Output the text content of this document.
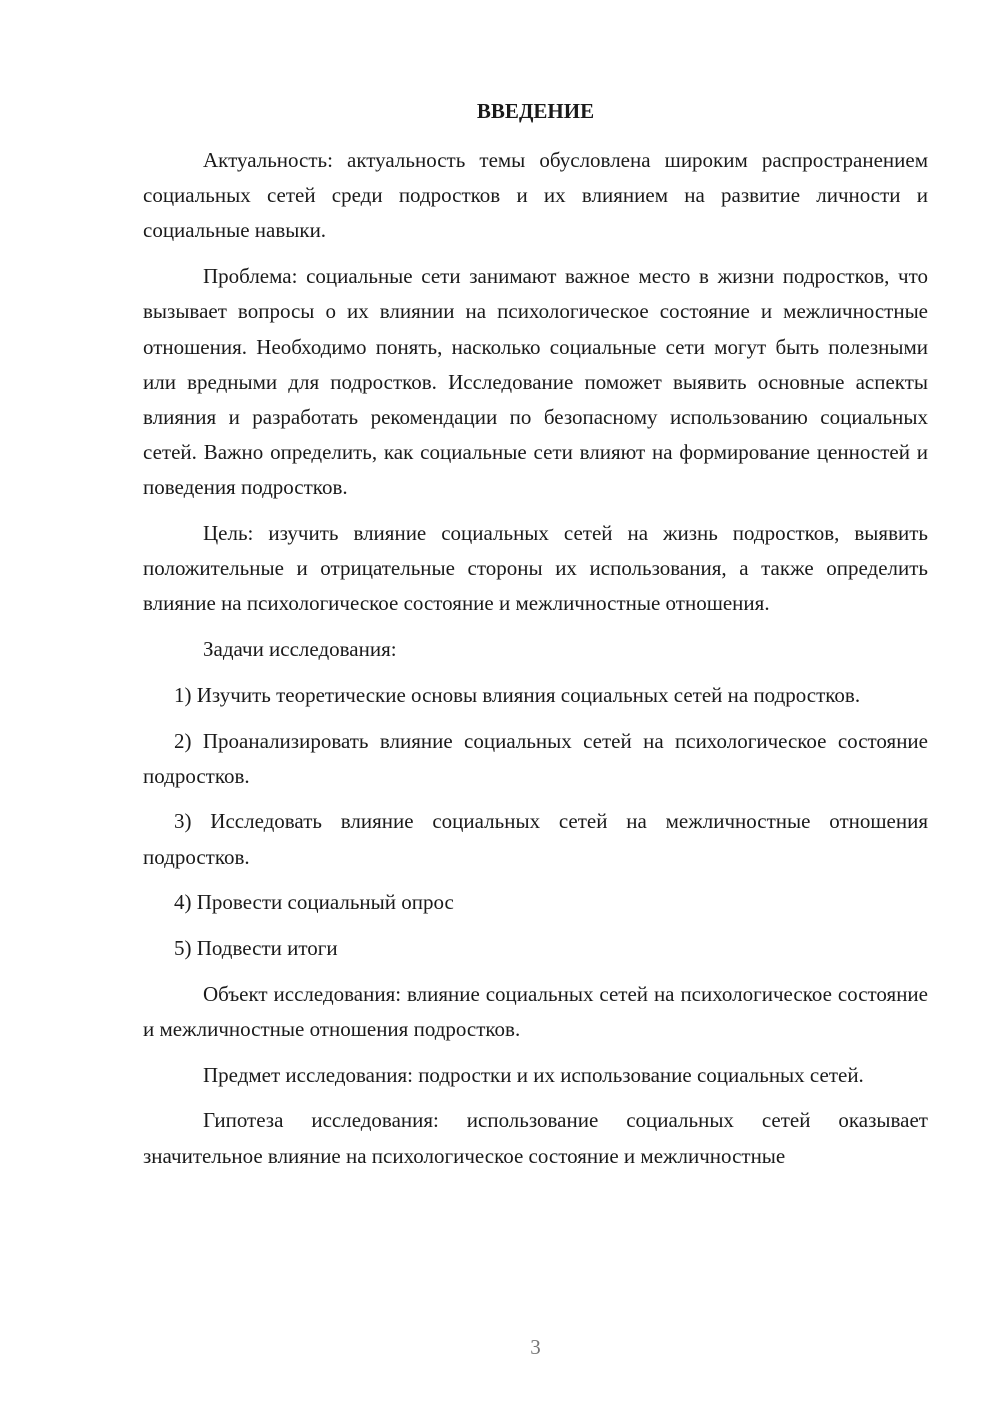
ВВЕДЕНИЕ

Актуальность: актуальность темы обусловлена широким распространением социальных сетей среди подростков и их влиянием на развитие личности и социальные навыки.

Проблема: социальные сети занимают важное место в жизни подростков, что вызывает вопросы о их влиянии на психологическое состояние и межличностные отношения. Необходимо понять, насколько социальные сети могут быть полезными или вредными для подростков. Исследование поможет выявить основные аспекты влияния и разработать рекомендации по безопасному использованию социальных сетей. Важно определить, как социальные сети влияют на формирование ценностей и поведения подростков.

Цель: изучить влияние социальных сетей на жизнь подростков, выявить положительные и отрицательные стороны их использования, а также определить влияние на психологическое состояние и межличностные отношения.

Задачи исследования:

1) Изучить теоретические основы влияния социальных сетей на подростков.

2) Проанализировать влияние социальных сетей на психологическое состояние подростков.

3) Исследовать влияние социальных сетей на межличностные отношения подростков.

4) Провести социальный опрос

5) Подвести итоги

Объект исследования: влияние социальных сетей на психологическое состояние и межличностные отношения подростков.

Предмет исследования: подростки и их использование социальных сетей.

Гипотеза исследования: использование социальных сетей оказывает значительное влияние на психологическое состояние и межличностные

3
